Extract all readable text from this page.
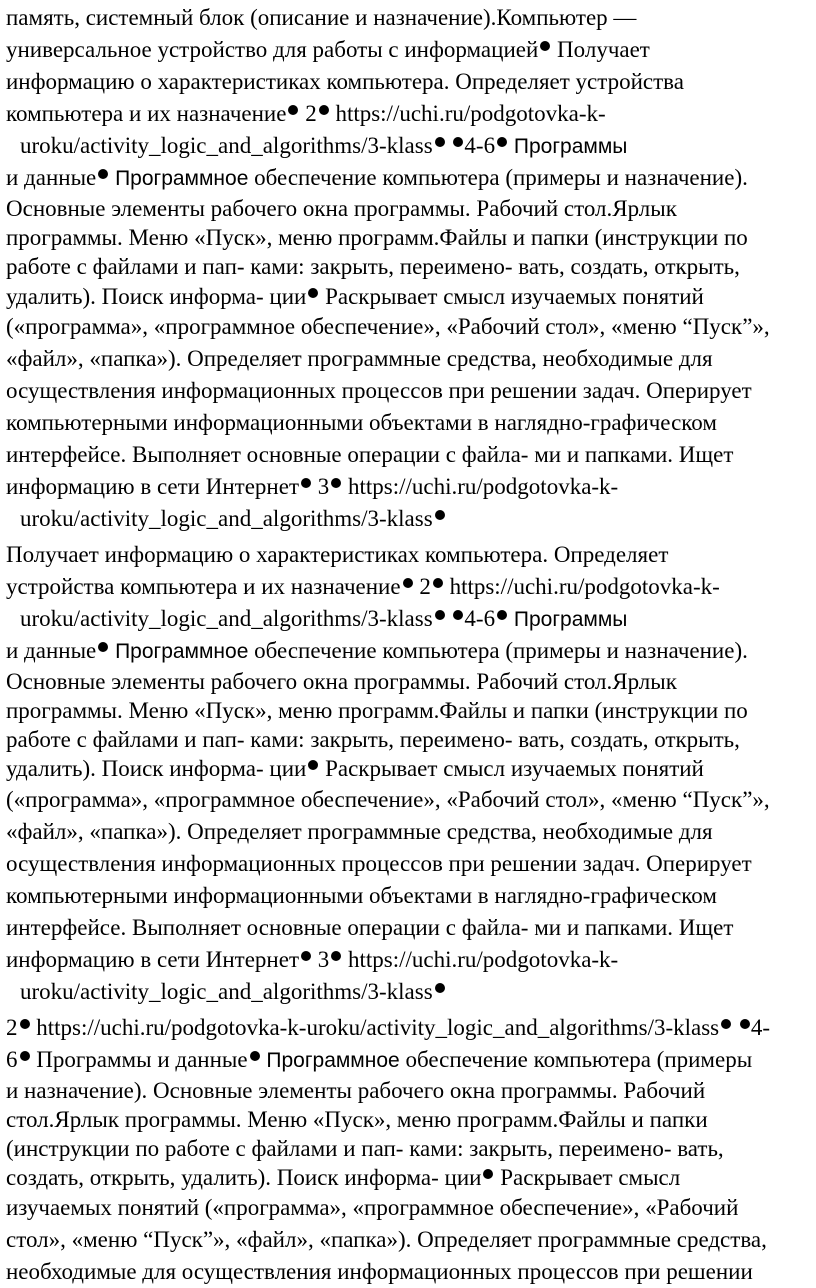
память, системный блок (описание и назначение).Компьютер —
универсальное устройство для работы с информацией Получает
информацию о характеристиках компьютера. Определяет устройства
компьютера и их назначение 2 https://uchi.ru/podgotovka-k-
uroku/activity_logic_and_algorithms/3-klass 4-6 Программы
и данные Программное обеспечение компьютера (примеры и назначение).
Основные элементы рабочего окна программы. Рабочий стол.Ярлык
программы. Меню «Пуск», меню программ.Файлы и папки (инструкции по
работе с файлами и пап- ками: закрыть, переимено- вать, создать, открыть,
удалить). Поиск информа- ции Раскрывает смысл изучаемых понятий
(«программа», «программное обеспечение», «Рабочий стол», «меню “Пуск”»,
«файл», «папка»). Определяет программные средства, необходимые для
осуществления информационных процессов при решении задач. Оперирует
компьютерными информационными объектами в наглядно-графическом
интерфейсе. Выполняет основные операции с файла- ми и папками. Ищет
информацию в сети Интернет 3 https://uchi.ru/podgotovka-k-
uroku/activity_logic_and_algorithms/3-klass
Получает информацию о характеристиках компьютера. Определяет
устройства компьютера и их назначение 2 https://uchi.ru/podgotovka-k-
uroku/activity_logic_and_algorithms/3-klass 4-6 Программы
и данные Программное обеспечение компьютера (примеры и назначение).
Основные элементы рабочего окна программы. Рабочий стол.Ярлык
программы. Меню «Пуск», меню программ.Файлы и папки (инструкции по
работе с файлами и пап- ками: закрыть, переимено- вать, создать, открыть,
удалить). Поиск информа- ции Раскрывает смысл изучаемых понятий
(«программа», «программное обеспечение», «Рабочий стол», «меню “Пуск”»,
«файл», «папка»). Определяет программные средства, необходимые для
осуществления информационных процессов при решении задач. Оперирует
компьютерными информационными объектами в наглядно-графическом
интерфейсе. Выполняет основные операции с файла- ми и папками. Ищет
информацию в сети Интернет 3 https://uchi.ru/podgotovka-k-
uroku/activity_logic_and_algorithms/3-klass
2 https://uchi.ru/podgotovka-k-uroku/activity_logic_and_algorithms/3-klass 4-
6 Программы и данные Программное обеспечение компьютера (примеры
и назначение). Основные элементы рабочего окна программы. Рабочий
стол.Ярлык программы. Меню «Пуск», меню программ.Файлы и папки
(инструкции по работе с файлами и пап- ками: закрыть, переимено- вать,
создать, открыть, удалить). Поиск информа- ции Раскрывает смысл
изучаемых понятий («программа», «программное обеспечение», «Рабочий
стол», «меню “Пуск”», «файл», «папка»). Определяет программные средства,
необходимые для осуществления информационных процессов при решении
